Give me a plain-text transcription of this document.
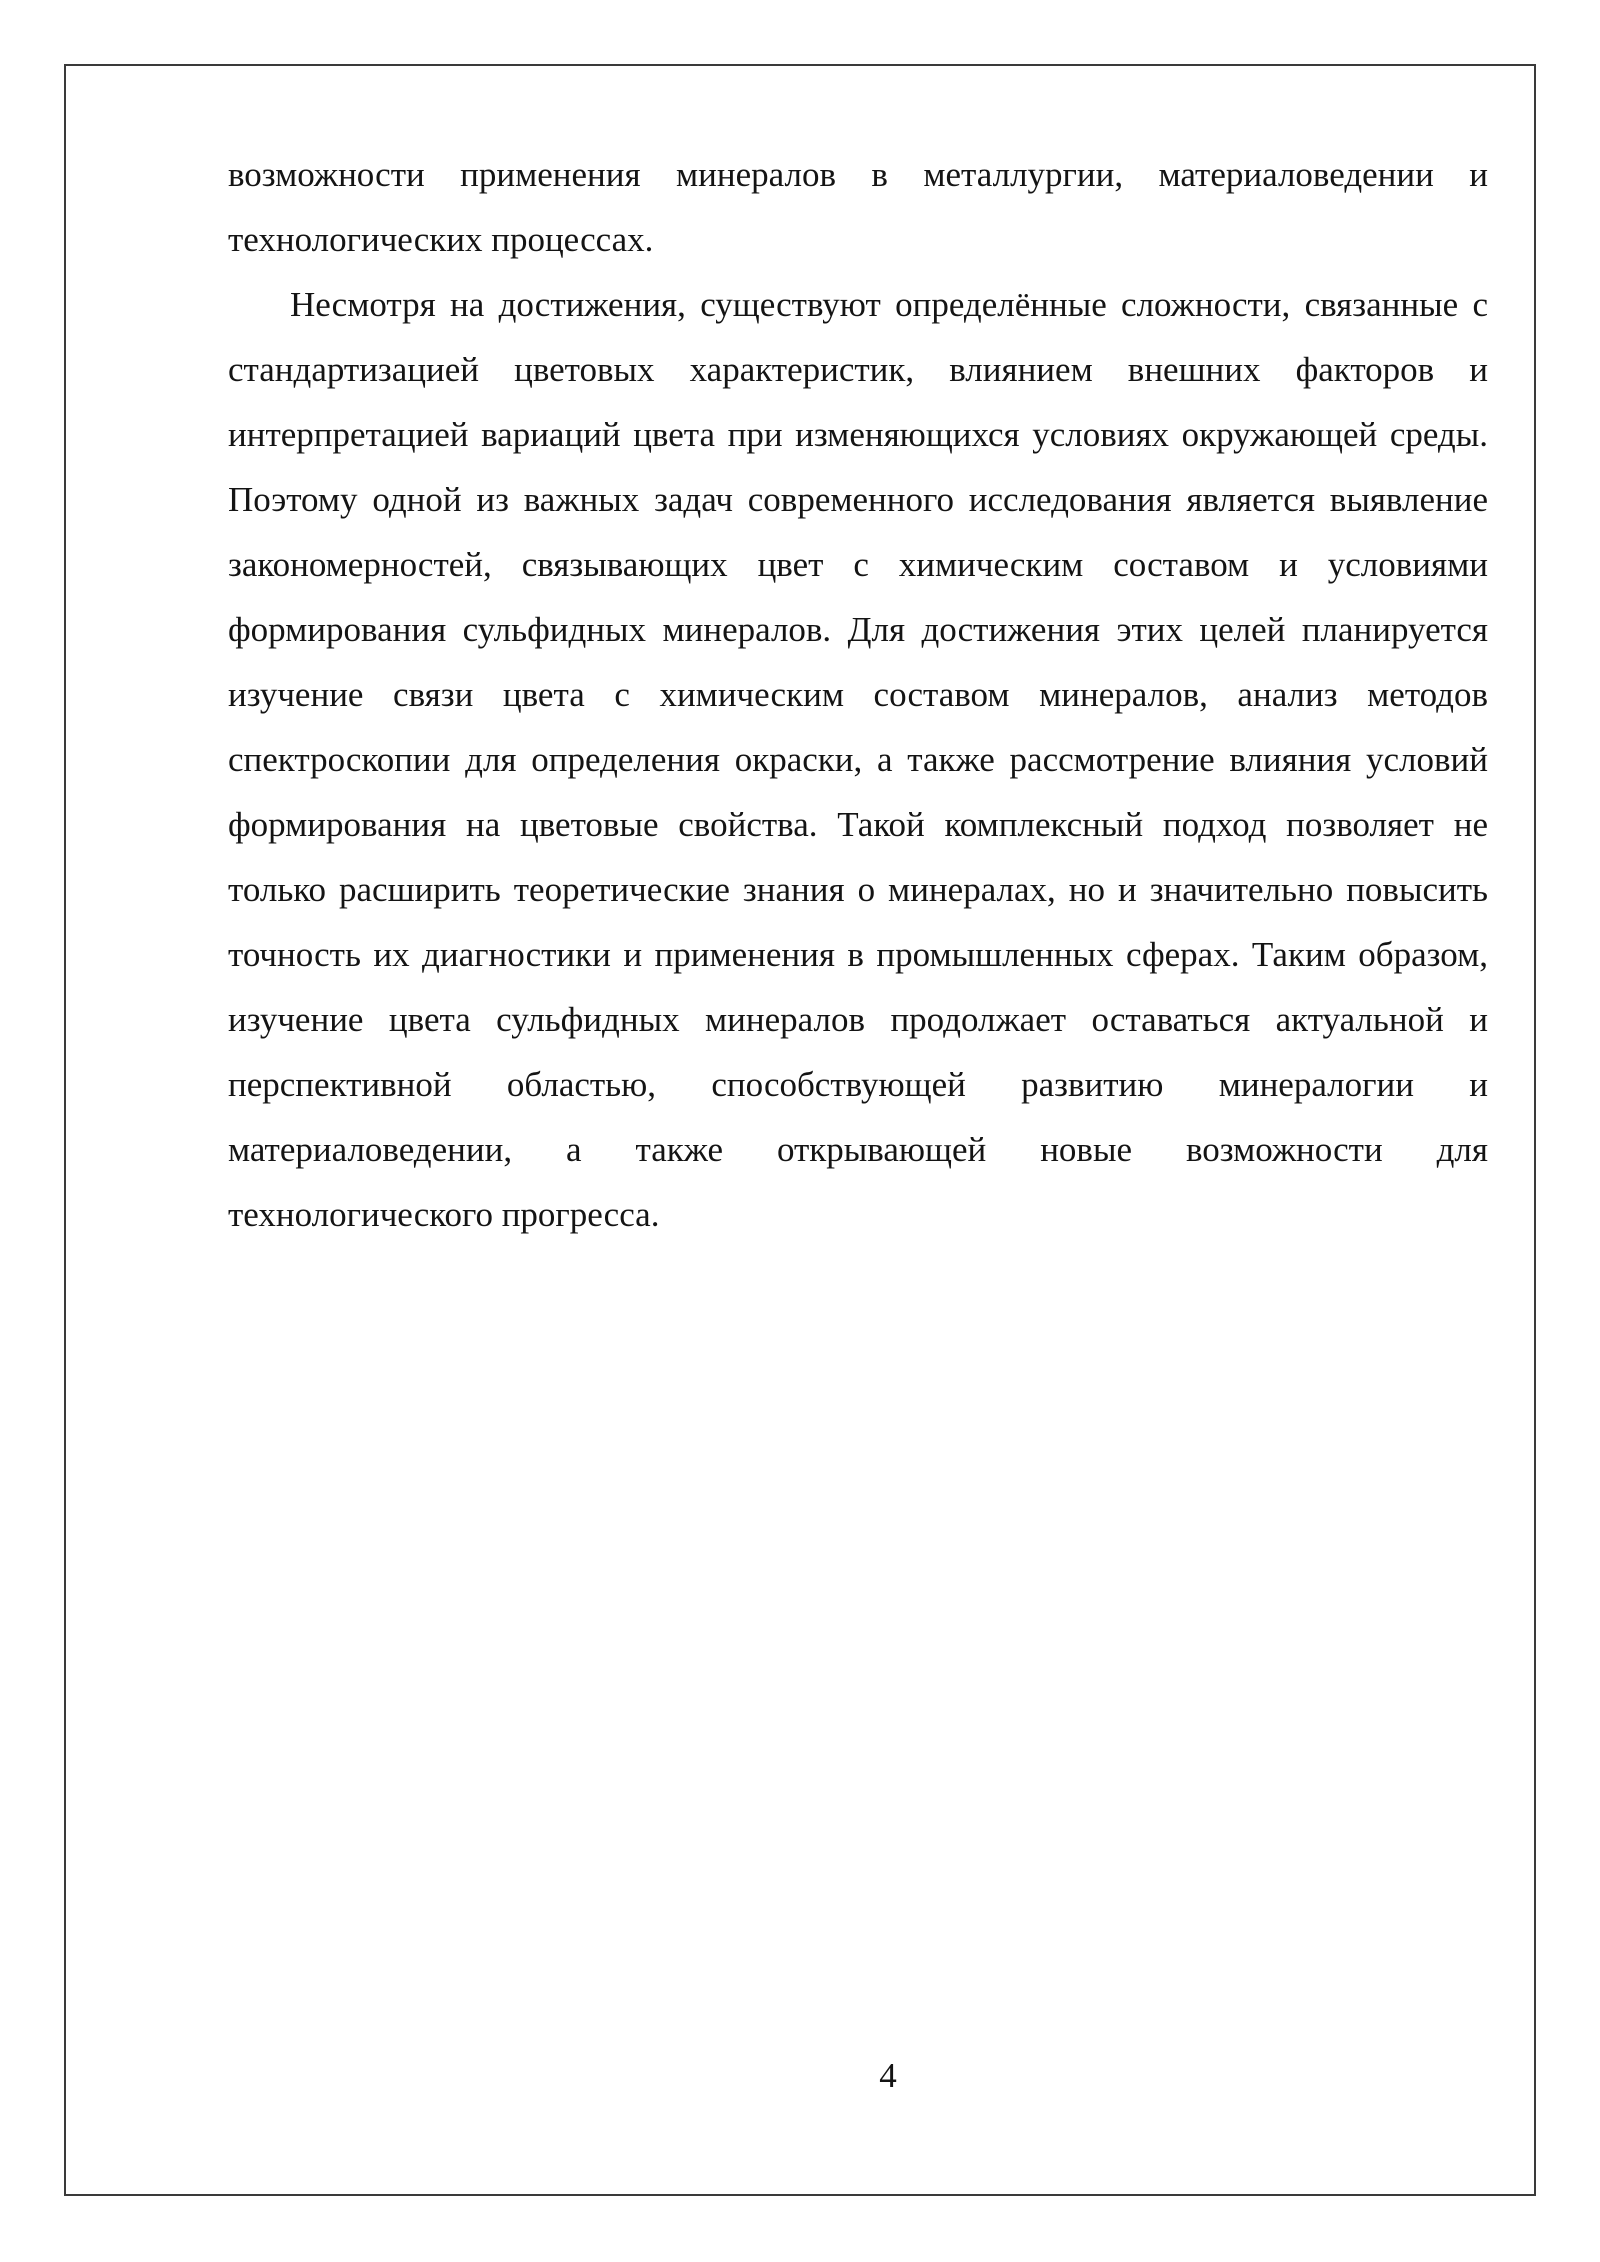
возможности применения минералов в металлургии, материаловедении и технологических процессах.

Несмотря на достижения, существуют определённые сложности, связанные с стандартизацией цветовых характеристик, влиянием внешних факторов и интерпретацией вариаций цвета при изменяющихся условиях окружающей среды. Поэтому одной из важных задач современного исследования является выявление закономерностей, связывающих цвет с химическим составом и условиями формирования сульфидных минералов. Для достижения этих целей планируется изучение связи цвета с химическим составом минералов, анализ методов спектроскопии для определения окраски, а также рассмотрение влияния условий формирования на цветовые свойства. Такой комплексный подход позволяет не только расширить теоретические знания о минералах, но и значительно повысить точность их диагностики и применения в промышленных сферах. Таким образом, изучение цвета сульфидных минералов продолжает оставаться актуальной и перспективной областью, способствующей развитию минералогии и материаловедении, а также открывающей новые возможности для технологического прогресса.

4
